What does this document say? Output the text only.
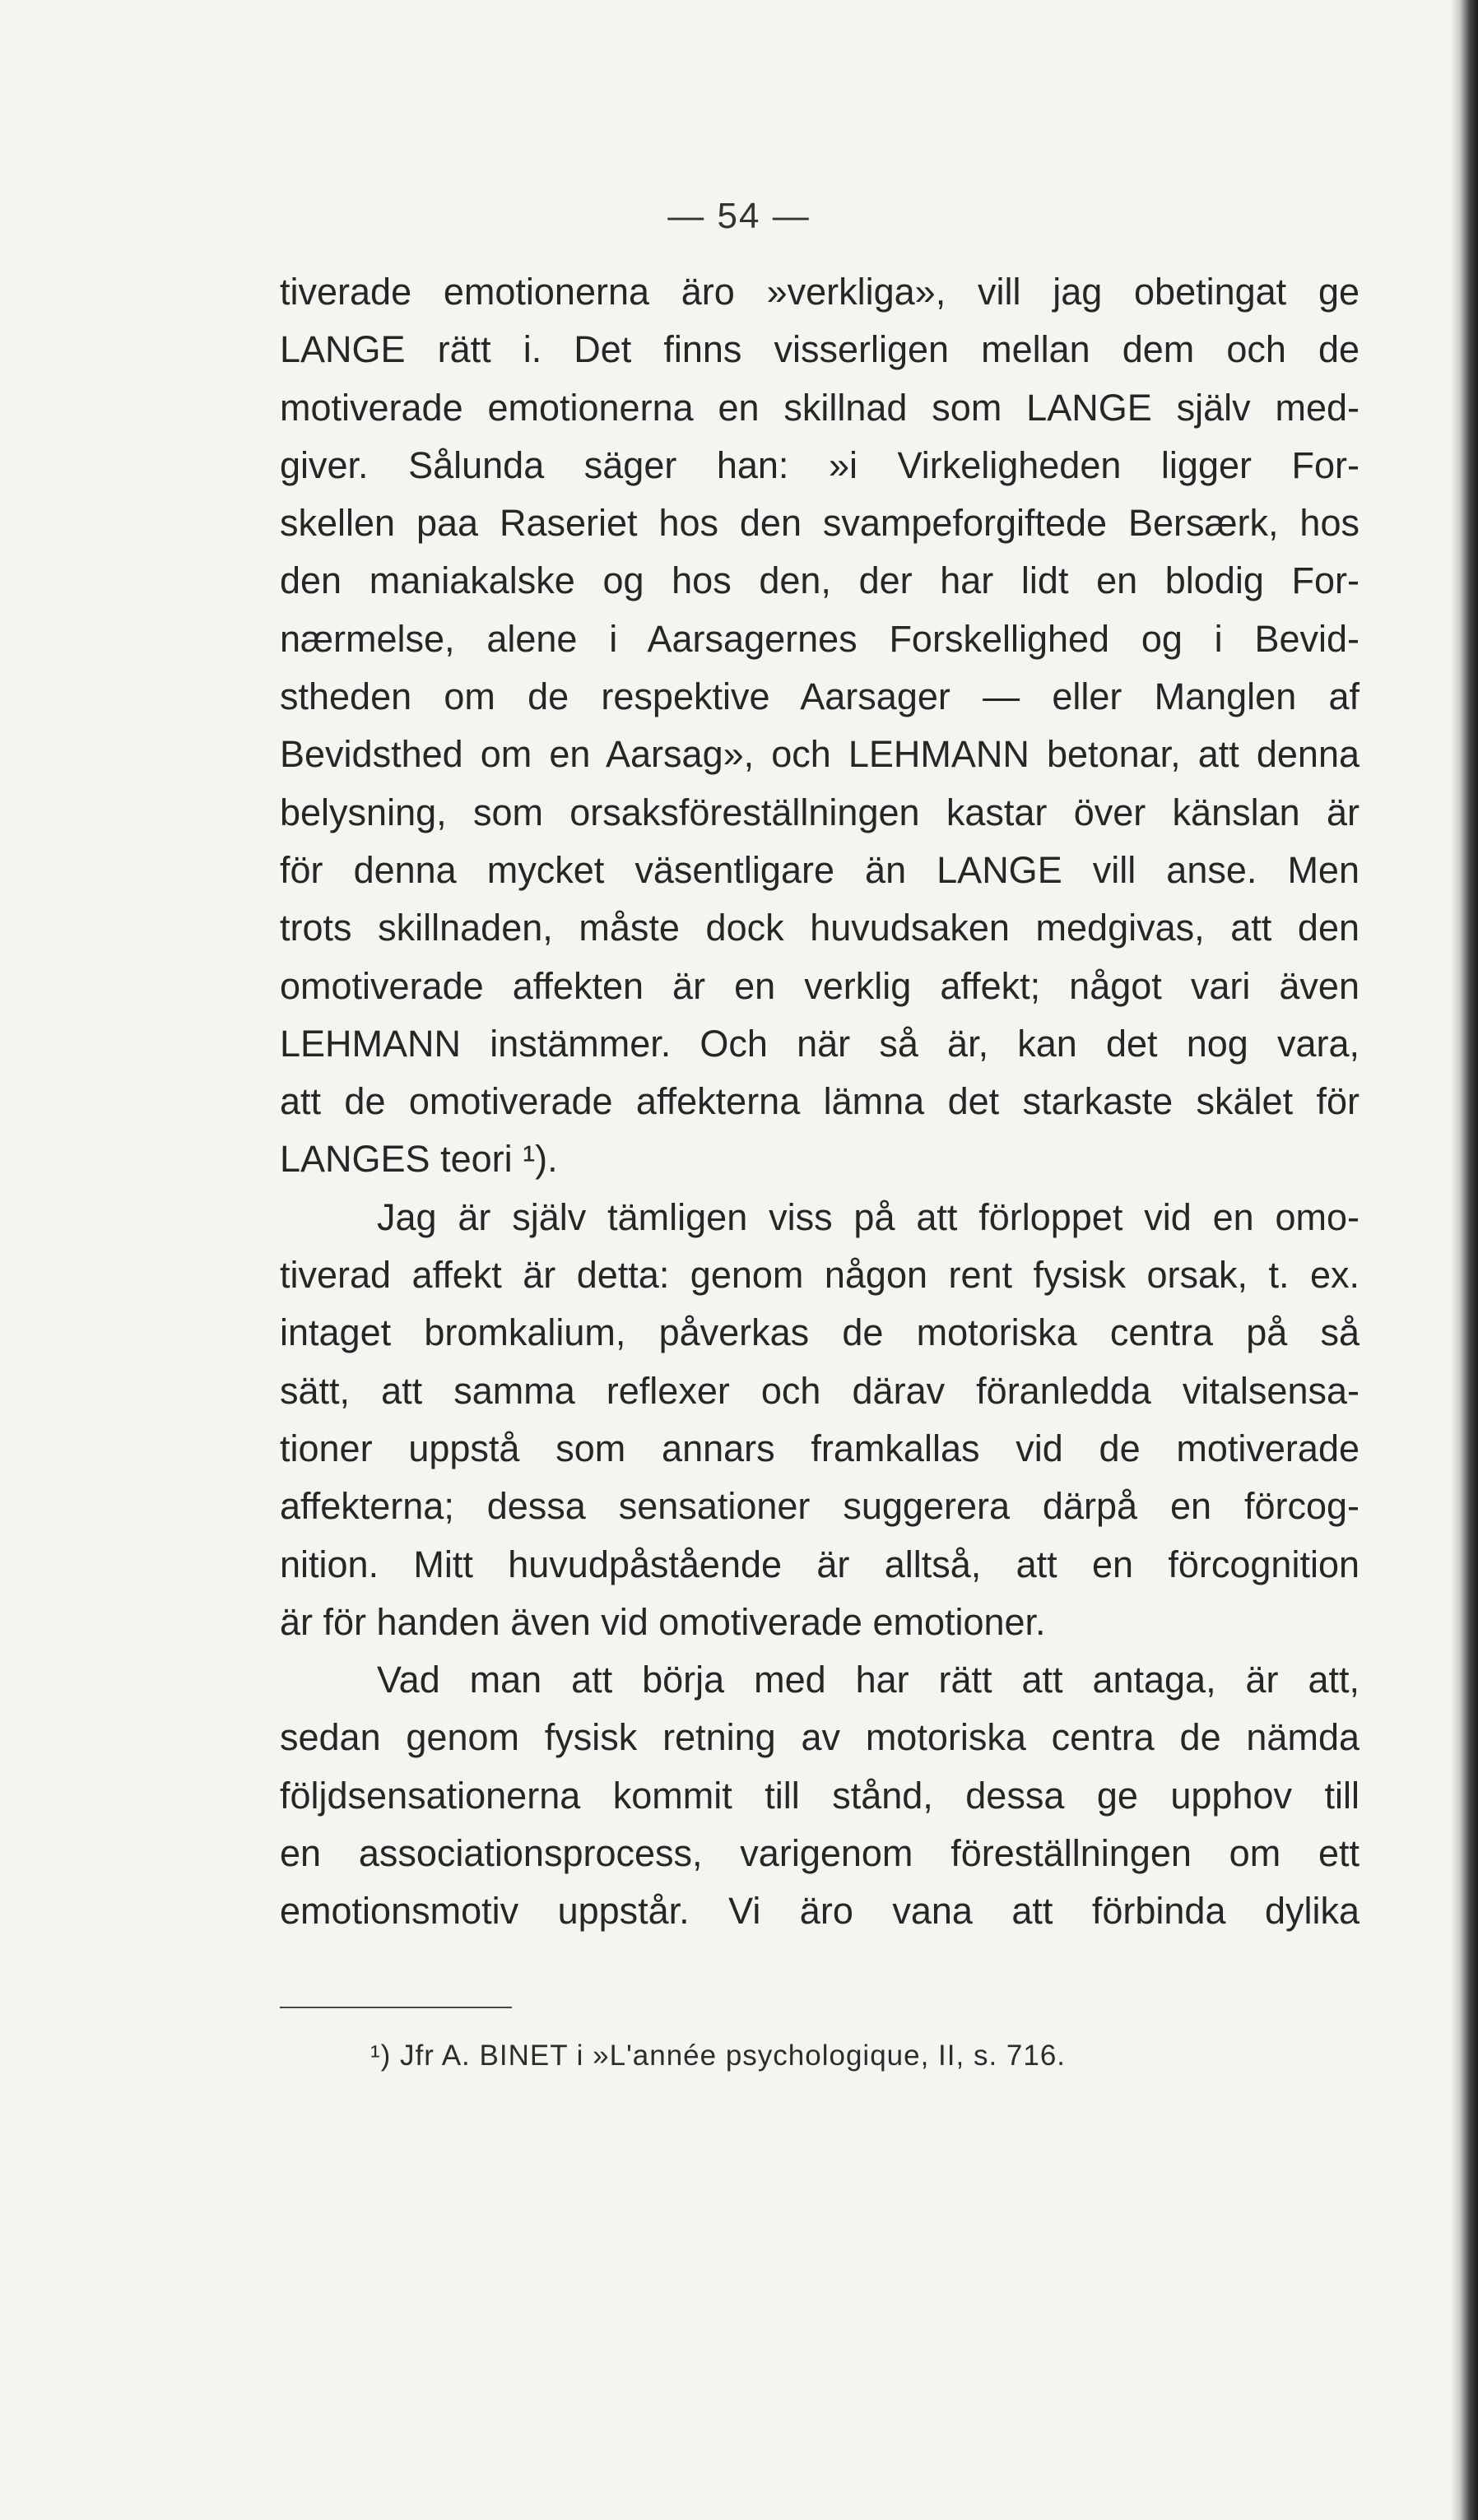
— 54 —
tiverade emotionerna äro »verkliga», vill jag obetingat ge
LANGE rätt i. Det finns visserligen mellan dem och de
motiverade emotionerna en skillnad som LANGE själv med-
giver. Sålunda säger han: »i Virkeligheden ligger For-
skellen paa Raseriet hos den svampeforgiftede Bersærk, hos
den maniakalske og hos den, der har lidt en blodig For-
nærmelse, alene i Aarsagernes Forskellighed og i Bevid-
stheden om de respektive Aarsager — eller Manglen af
Bevidsthed om en Aarsag», och LEHMANN betonar, att denna
belysning, som orsaksföreställningen kastar över känslan är
för denna mycket väsentligare än LANGE vill anse. Men
trots skillnaden, måste dock huvudsaken medgivas, att den
omotiverade affekten är en verklig affekt; något vari även
LEHMANN instämmer. Och när så är, kan det nog vara,
att de omotiverade affekterna lämna det starkaste skälet för
LANGES teori ¹).
Jag är själv tämligen viss på att förloppet vid en omo-
tiverad affekt är detta: genom någon rent fysisk orsak, t. ex.
intaget bromkalium, påverkas de motoriska centra på så
sätt, att samma reflexer och därav föranledda vitalsensa-
tioner uppstå som annars framkallas vid de motiverade
affekterna; dessa sensationer suggerera därpå en förcog-
nition. Mitt huvudpåstående är alltså, att en förcognition
är för handen även vid omotiverade emotioner.
Vad man att börja med har rätt att antaga, är att,
sedan genom fysisk retning av motoriska centra de nämda
följdsensationerna kommit till stånd, dessa ge upphov till
en associationsprocess, varigenom föreställningen om ett
emotionsmotiv uppstår. Vi äro vana att förbinda dylika
¹) Jfr A. BINET i »L'année psychologique, II, s. 716.
